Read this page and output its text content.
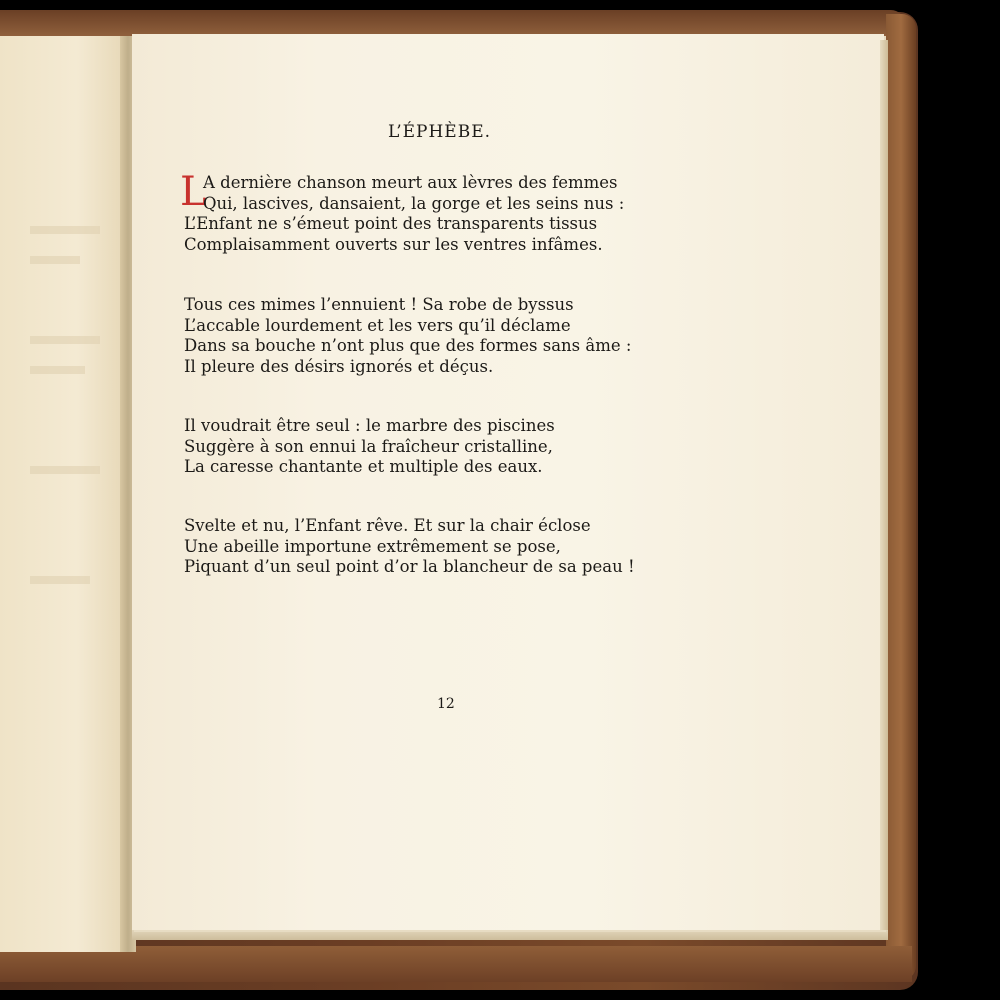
L’ÉPHÈBE.
L
A dernière chanson meurt aux lèvres des femmes
Qui, lascives, dansaient, la gorge et les seins nus :
L’Enfant ne s’émeut point des transparents tissus
Complaisamment ouverts sur les ventres infâmes.
Tous ces mimes l’ennuient ! Sa robe de byssus
L’accable lourdement et les vers qu’il déclame
Dans sa bouche n’ont plus que des formes sans âme :
Il pleure des désirs ignorés et déçus.
Il voudrait être seul : le marbre des piscines
Suggère à son ennui la fraîcheur cristalline,
La caresse chantante et multiple des eaux.
Svelte et nu, l’Enfant rêve. Et sur la chair éclose
Une abeille importune extrêmement se pose,
Piquant d’un seul point d’or la blancheur de sa peau !
12
